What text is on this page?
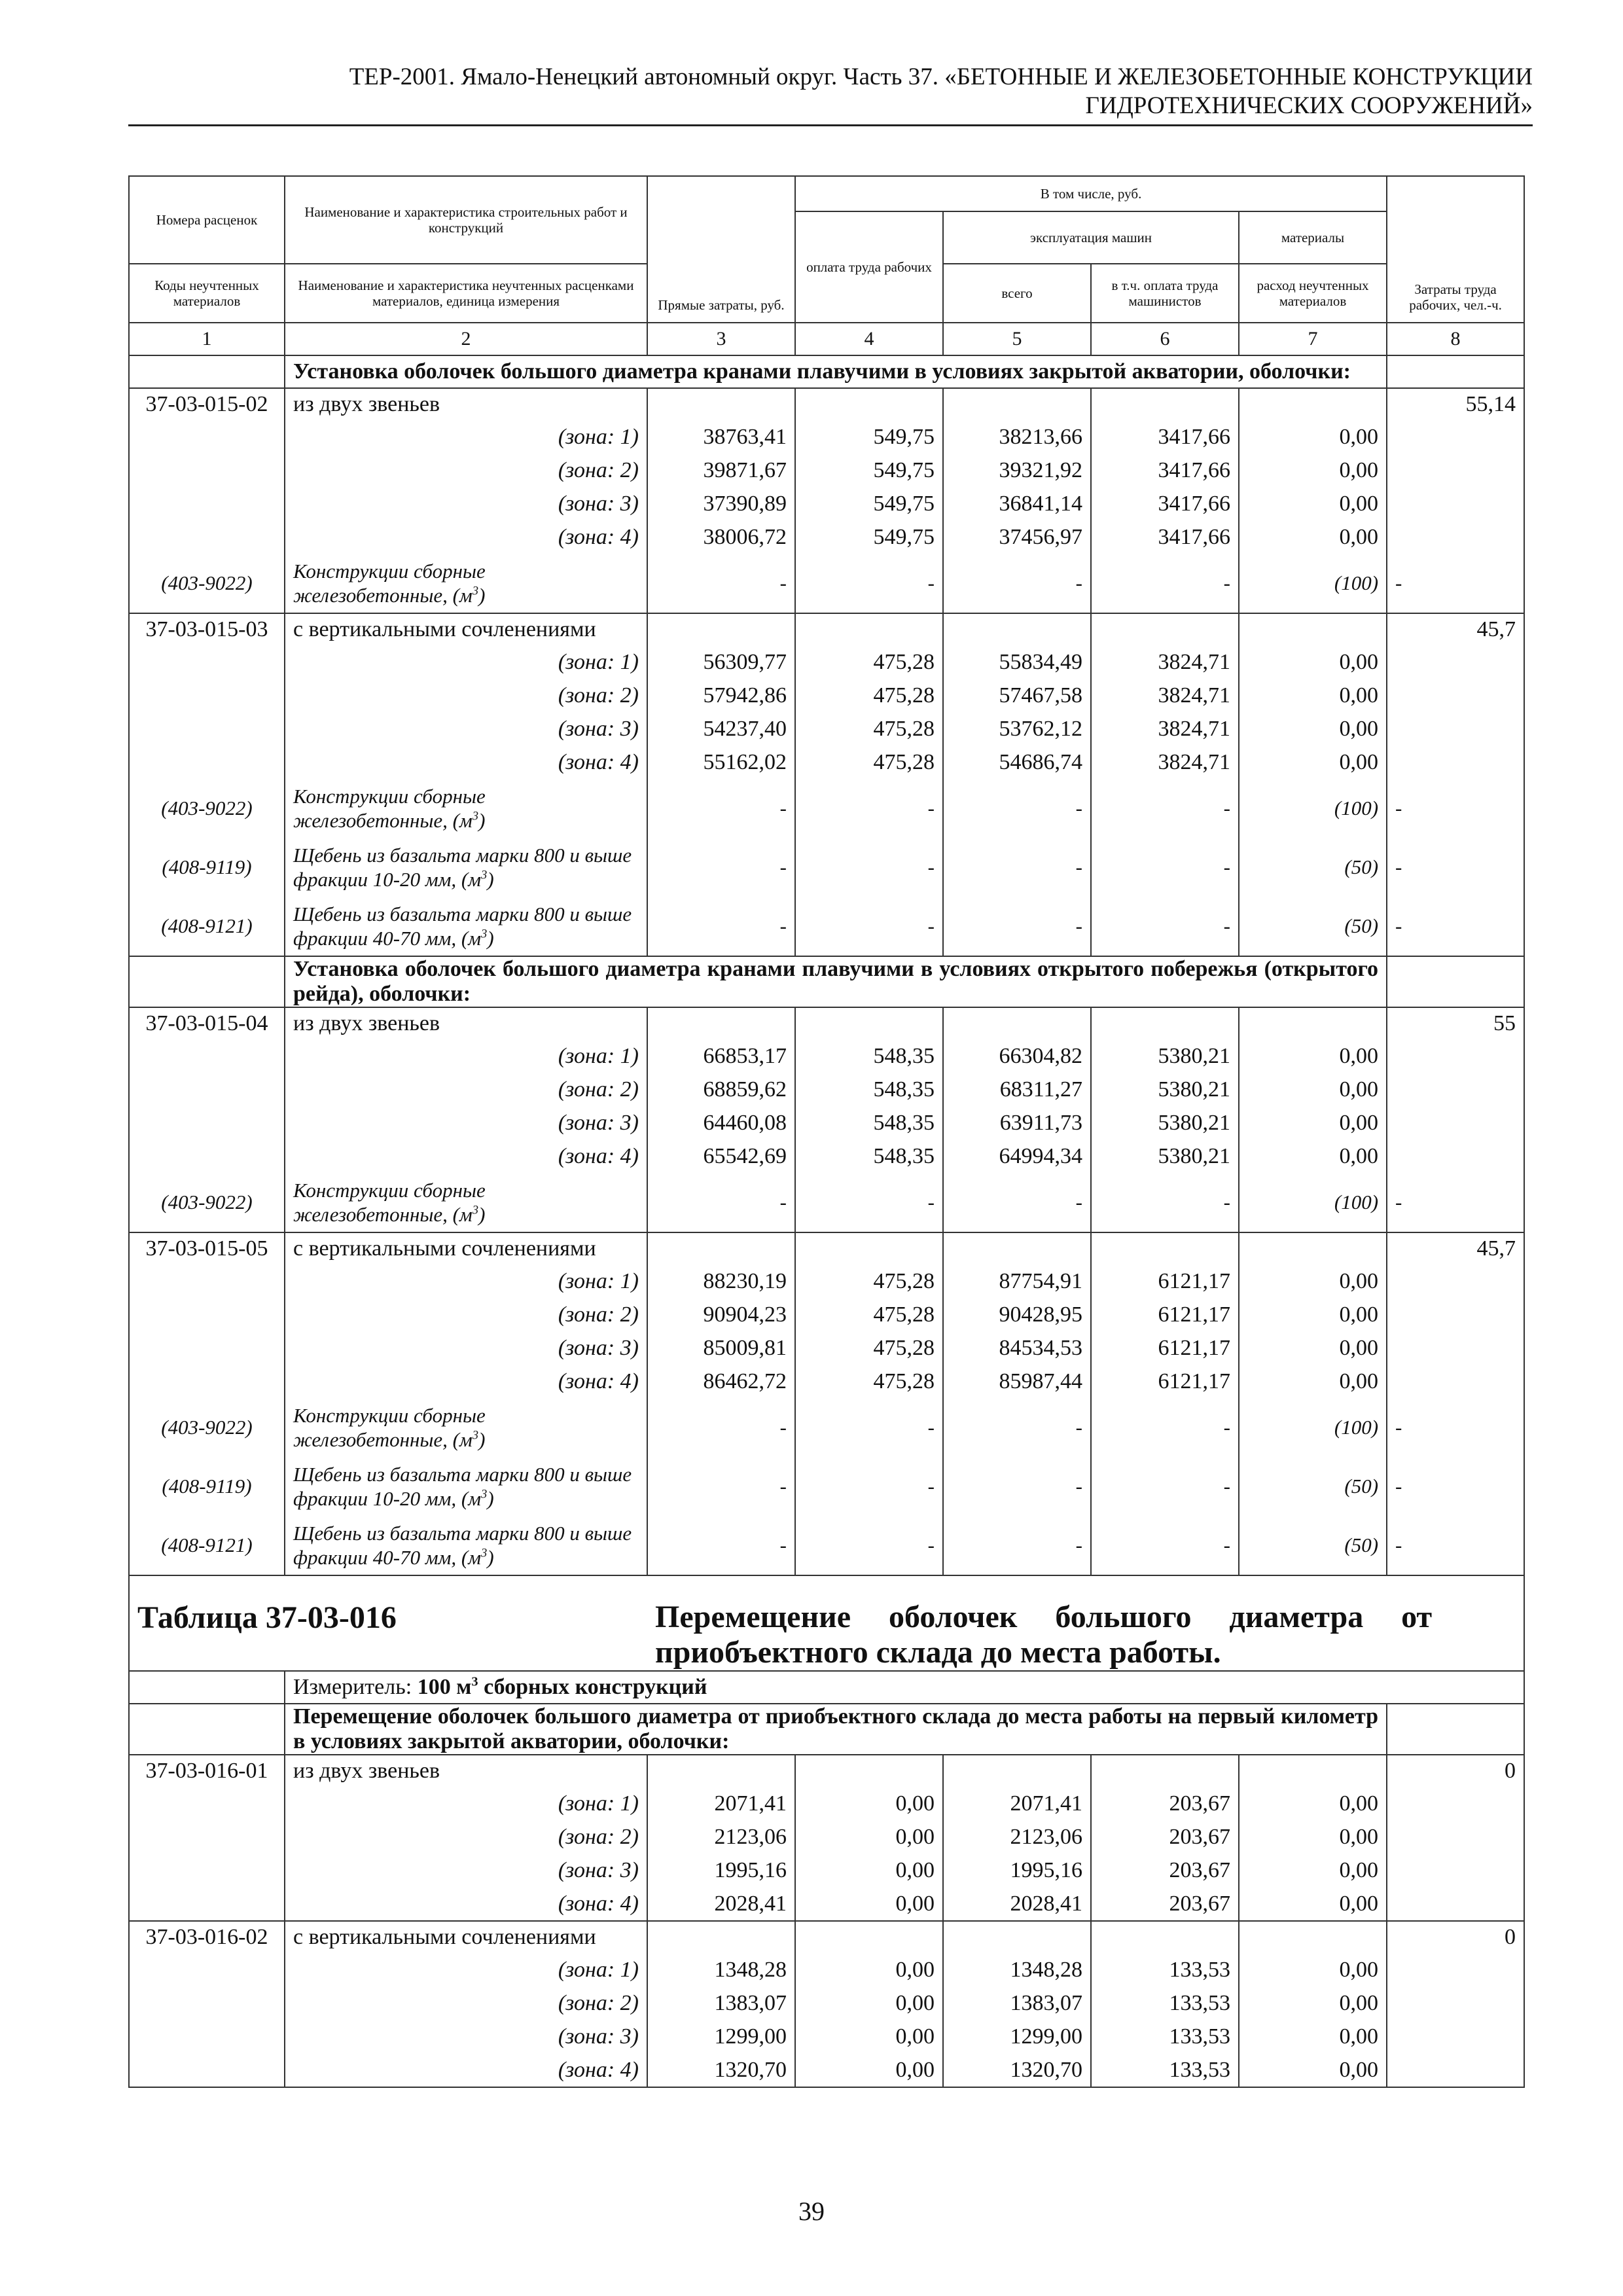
ТЕР-2001. Ямало-Ненецкий автономный округ. Часть 37. «БЕТОННЫЕ И ЖЕЛЕЗОБЕТОННЫЕ КОНСТРУКЦИИ
ГИДРОТЕХНИЧЕСКИХ СООРУЖЕНИЙ»
Номера расценок	Наименование и характеристика строительных работ и конструкций	Прямые затраты, руб.	В том числе, руб.				Затраты труда рабочих, чел.-ч.
			оплата труда рабочих	эксплуатация машин		материалы	
Коды неучтенных материалов	Наименование и характеристика неучтенных расценками материалов, единица измерения			всего	в т.ч. оплата труда машинистов	расход неучтенных материалов	
1	2	3	4	5	6	7	8
	Установка оболочек большого диаметра кранами плавучими в условиях закрытой акватории, оболочки:						
37-03-015-02	из двух звеньев						55,14
	(зона: 1)	38763,41	549,75	38213,66	3417,66	0,00	
	(зона: 2)	39871,67	549,75	39321,92	3417,66	0,00	
	(зона: 3)	37390,89	549,75	36841,14	3417,66	0,00	
	(зона: 4)	38006,72	549,75	37456,97	3417,66	0,00	
(403-9022)	Конструкции сборные железобетонные, $(м^3)$	-	-	-	-	(100)	-
37-03-015-03	с вертикальными сочленениями						45,7
	(зона: 1)	56309,77	475,28	55834,49	3824,71	0,00	
	(зона: 2)	57942,86	475,28	57467,58	3824,71	0,00	
	(зона: 3)	54237,40	475,28	53762,12	3824,71	0,00	
	(зона: 4)	55162,02	475,28	54686,74	3824,71	0,00	
(403-9022)	Конструкции сборные железобетонные, $(м^3)$	-	-	-	-	(100)	-
(408-9119)	Щебень из базальта марки 800 и выше фракции 10-20 мм, $(м^3)$	-	-	-	-	(50)	-
(408-9121)	Щебень из базальта марки 800 и выше фракции 40-70 мм, $(м^3)$	-	-	-	-	(50)	-
	Установка оболочек большого диаметра кранами плавучими в условиях открытого побережья (открытого рейда), оболочки:						
37-03-015-04	из двух звеньев						55
	(зона: 1)	66853,17	548,35	66304,82	5380,21	0,00	
	(зона: 2)	68859,62	548,35	68311,27	5380,21	0,00	
	(зона: 3)	64460,08	548,35	63911,73	5380,21	0,00	
	(зона: 4)	65542,69	548,35	64994,34	5380,21	0,00	
(403-9022)	Конструкции сборные железобетонные, $(м^3)$	-	-	-	-	(100)	-
37-03-015-05	с вертикальными сочленениями						45,7
	(зона: 1)	88230,19	475,28	87754,91	6121,17	0,00	
	(зона: 2)	90904,23	475,28	90428,95	6121,17	0,00	
	(зона: 3)	85009,81	475,28	84534,53	6121,17	0,00	
	(зона: 4)	86462,72	475,28	85987,44	6121,17	0,00	
(403-9022)	Конструкции сборные железобетонные, $(м^3)$	-	-	-	-	(100)	-
(408-9119)	Щебень из базальта марки 800 и выше фракции 10-20 мм, $(м^3)$	-	-	-	-	(50)	-
(408-9121)	Щебень из базальта марки 800 и выше фракции 40-70 мм, $(м^3)$	-	-	-	-	(50)	-
Таблица 37-03-016		Перемещение оболочек большого диаметра от приобъектного склада до места работы.					
	Измеритель: 100 $м^3$ сборных конструкций						
	Перемещение оболочек большого диаметра от приобъектного склада до места работы на первый километр в условиях закрытой акватории, оболочки:						
37-03-016-01	из двух звеньев						0
	(зона: 1)	2071,41	0,00	2071,41	203,67	0,00	
	(зона: 2)	2123,06	0,00	2123,06	203,67	0,00	
	(зона: 3)	1995,16	0,00	1995,16	203,67	0,00	
	(зона: 4)	2028,41	0,00	2028,41	203,67	0,00	
37-03-016-02	с вертикальными сочленениями						0
	(зона: 1)	1348,28	0,00	1348,28	133,53	0,00	
	(зона: 2)	1383,07	0,00	1383,07	133,53	0,00	
	(зона: 3)	1299,00	0,00	1299,00	133,53	0,00	
	(зона: 4)	1320,70	0,00	1320,70	133,53	0,00	
39
